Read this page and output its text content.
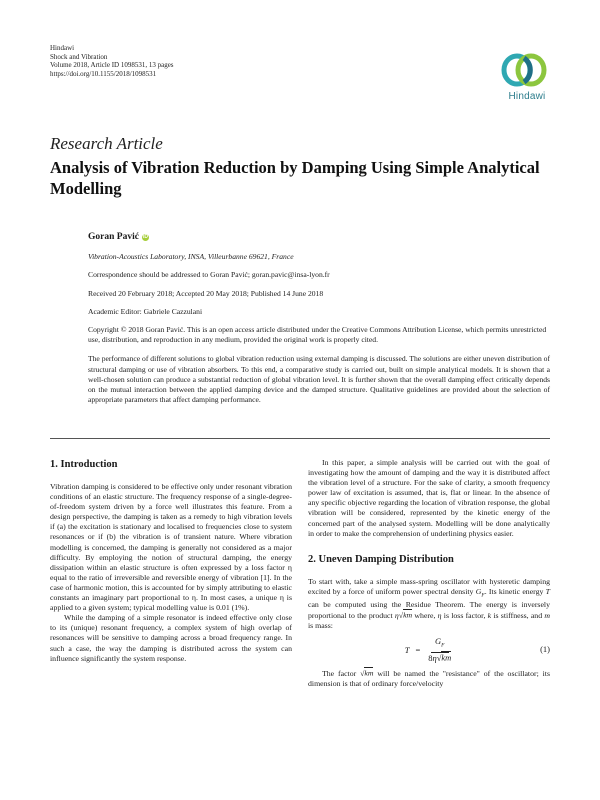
Hindawi
Shock and Vibration
Volume 2018, Article ID 1098531, 13 pages
https://doi.org/10.1155/2018/1098531
Hindawi
Research Article
Analysis of Vibration Reduction by Damping Using Simple Analytical Modelling
Goran Pavić iD
Vibration-Acoustics Laboratory, INSA, Villeurbanne 69621, France
Correspondence should be addressed to Goran Pavić; goran.pavic@insa-lyon.fr
Received 20 February 2018; Accepted 20 May 2018; Published 14 June 2018
Academic Editor: Gabriele Cazzulani
Copyright © 2018 Goran Pavić. This is an open access article distributed under the Creative Commons Attribution License, which permits unrestricted use, distribution, and reproduction in any medium, provided the original work is properly cited.
The performance of different solutions to global vibration reduction using external damping is discussed. The solutions are either uneven distribution of structural damping or use of vibration absorbers. To this end, a comparative study is carried out, built on simple analytical models. It is shown that a well-chosen solution can produce a substantial reduction of global vibration level. It is further shown that the overall damping effect critically depends on the mutual interaction between the applied damping device and the damped structure. Qualitative guidelines are provided about the selection of appropriate parameters that affect damping performance.
1. Introduction

Vibration damping is considered to be effective only under resonant vibration conditions of an elastic structure. The frequency response of a single-degree-of-freedom system driven by a force well illustrates this feature. From a design perspective, the damping is taken as a remedy to high vibration levels if (a) the excitation is stationary and localised to frequencies close to system resonances or if (b) the vibration is of transient nature. Where vibration modelling is concerned, the damping is generally not considered as a major difficulty. By employing the notion of structural damping, the energy dissipation within an elastic structure is often expressed by a loss factor η equal to the ratio of irreversible and reversible energy of vibration [1]. In the case of harmonic motion, this is accounted for by simply attributing to elastic constants an imaginary part proportional to η. In most cases, a unique η is applied to a given system; typical modelling value is 0.01 (1%).

While the damping of a simple resonator is indeed effective only close to its (unique) resonant frequency, a complex system of high overlap of resonances will be sensitive to damping across a broad frequency range. In such a case, the way the damping is distributed across the system can influence significantly the system response.

In this paper, a simple analysis will be carried out with the goal of investigating how the amount of damping and the way it is distributed affect the vibration level of a structure. For the sake of clarity, a smooth frequency power law of excitation is assumed, that is, flat or linear. In the absence of any specific objective regarding the location of vibration response, the global vibration will be considered, represented by the kinetic energy of the concerned part of the analysed system. Modelling will be done analytically in order to make the comprehension of underlining physics easier.

2. Uneven Damping Distribution

To start with, take a simple mass-spring oscillator with hysteretic damping excited by a force of uniform power spectral density $G_F$. Its kinetic energy T can be computed using the Residue Theorem. The energy is inversely proportional to the product η√km where, η is loss factor, k is stiffness, and m is mass:

$T = \frac{G_F}{8\eta√km}$	(1)

The factor √km will be named the "resistance" of the oscillator; its dimension is that of ordinary force/velocity
